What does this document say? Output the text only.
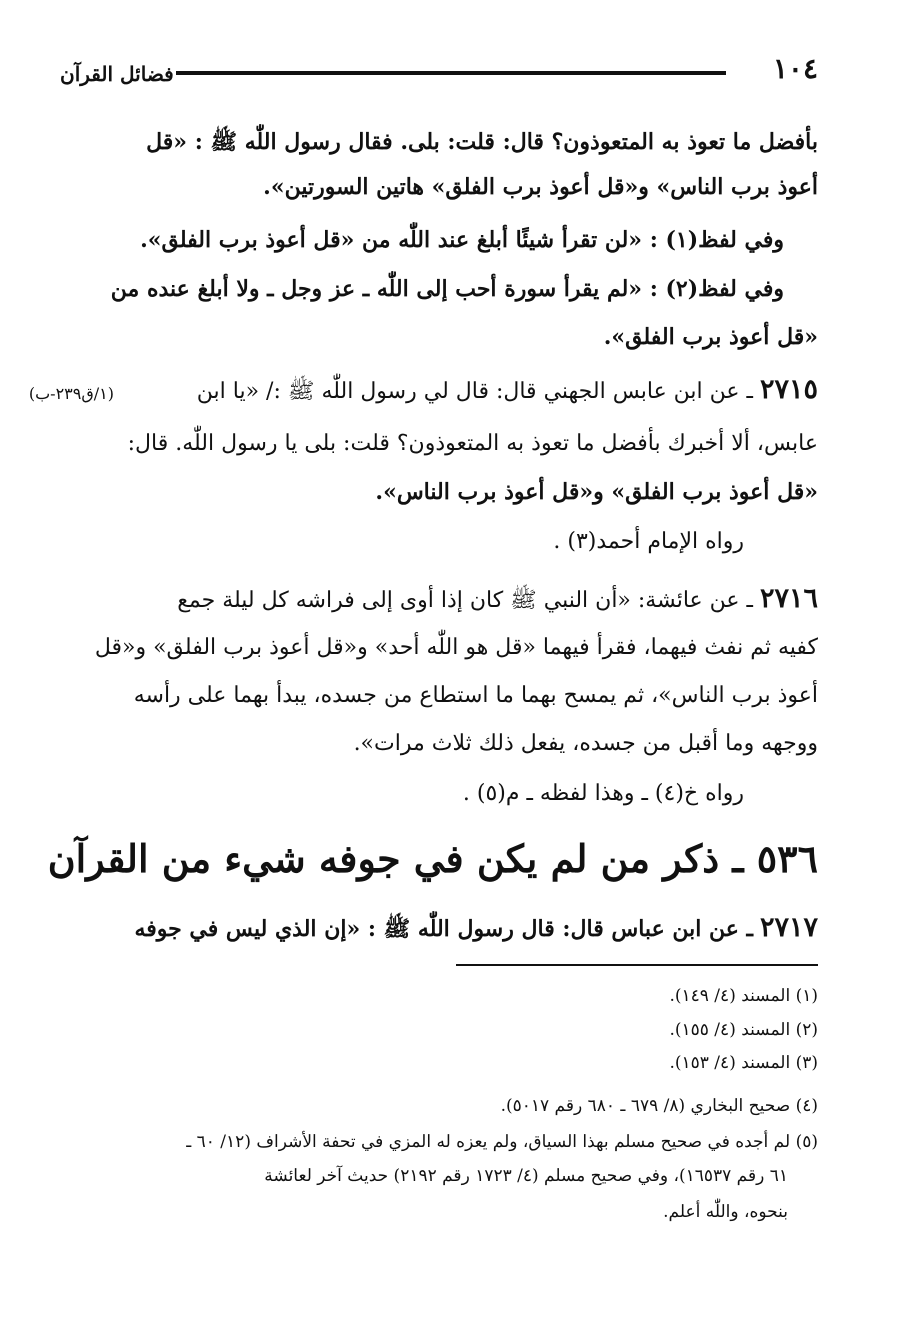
١٠٤
فضائل القرآن
بأفضل ما تعوذ به المتعوذون؟ قال: قلت: بلى. فقال رسول اللّٰه ﷺ : «قل
أعوذ برب الناس» و«قل أعوذ برب الفلق» هاتين السورتين».
وفي لفظ(١) : «لن تقرأ شيئًا أبلغ عند اللّٰه من «قل أعوذ برب الفلق».
وفي لفظ(٢) : «لم يقرأ سورة أحب إلى اللّٰه ـ عز وجل ـ ولا أبلغ عنده من
«قل أعوذ برب الفلق».
(١/ق٢٣٩-ب)	٢٧١٥ ـ عن ابن عابس الجهني قال: قال لي رسول اللّٰه ﷺ :/ «يا ابن
عابس، ألا أخبرك بأفضل ما تعوذ به المتعوذون؟ قلت: بلى يا رسول اللّٰه. قال:
«قل أعوذ برب الفلق» و«قل أعوذ برب الناس».
رواه الإمام أحمد(٣) .
٢٧١٦ ـ عن عائشة: «أن النبي ﷺ كان إذا أوى إلى فراشه كل ليلة جمع
كفيه ثم نفث فيهما، فقرأ فيهما «قل هو اللّٰه أحد» و«قل أعوذ برب الفلق» و«قل
أعوذ برب الناس»، ثم يمسح بهما ما استطاع من جسده، يبدأ بهما على رأسه
ووجهه وما أقبل من جسده، يفعل ذلك ثلاث مرات».
رواه خ(٤) ـ وهذا لفظه ـ م(٥) .
٥٣٦ ـ ذكر من لم يكن في جوفه شيء من القرآن
٢٧١٧ ـ عن ابن عباس قال: قال رسول اللّٰه ﷺ : «إن الذي ليس في جوفه
(١) المسند (٤/ ١٤٩).
(٢) المسند (٤/ ١٥٥).
(٣) المسند (٤/ ١٥٣).
(٤) صحيح البخاري (٨/ ٦٧٩ ـ ٦٨٠ رقم ٥٠١٧).
(٥) لم أجده في صحيح مسلم بهذا السياق، ولم يعزه له المزي في تحفة الأشراف (١٢/ ٦٠ ـ
٦١ رقم ١٦٥٣٧)، وفي صحيح مسلم (٤/ ١٧٢٣ رقم ٢١٩٢) حديث آخر لعائشة
بنحوه، واللّٰه أعلم.
